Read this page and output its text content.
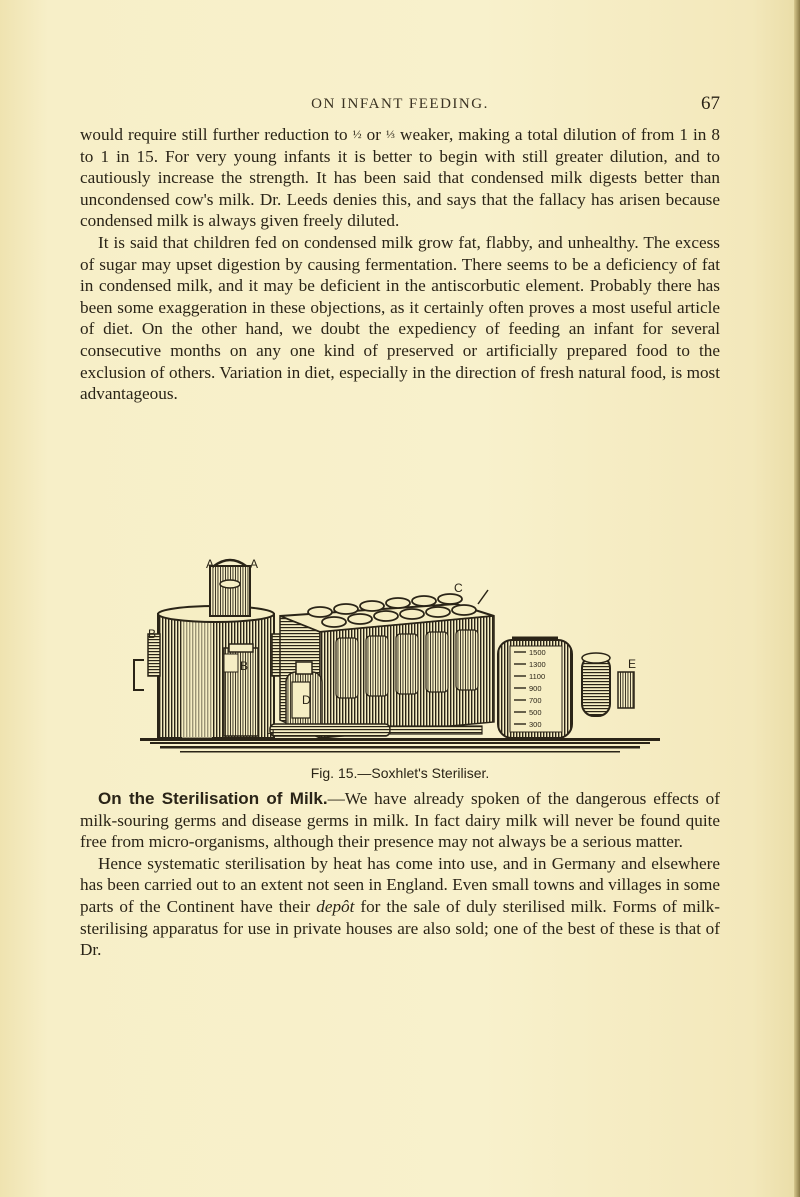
ON INFANT FEEDING.	67

would require still further reduction to ½ or ⅓ weaker, making a total dilution of from 1 in 8 to 1 in 15. For very young infants it is better to begin with still greater dilution, and to cautiously increase the strength. It has been said that condensed milk digests better than uncondensed cow's milk. Dr. Leeds denies this, and says that the fallacy has arisen because condensed milk is always given freely diluted.

It is said that children fed on condensed milk grow fat, flabby, and unhealthy. The excess of sugar may upset digestion by causing fermentation. There seems to be a deficiency of fat in condensed milk, and it may be deficient in the antiscorbutic element. Probably there has been some exaggeration in these objections, as it certainly often proves a most useful article of diet. On the other hand, we doubt the expediency of feeding an infant for several consecutive months on any one kind of preserved or artificially prepared food to the exclusion of others. Variation in diet, especially in the direction of fresh natural food, is most advantageous.

1500
1300
1100
900
700
500
300
A	A
B
B
C
D
E
H
Fig. 15.—Soxhlet's Steriliser.

On the Sterilisation of Milk.—We have already spoken of the dangerous effects of milk-souring germs and disease germs in milk. In fact dairy milk will never be found quite free from micro-organisms, although their presence may not always be a serious matter.

Hence systematic sterilisation by heat has come into use, and in Germany and elsewhere has been carried out to an extent not seen in England. Even small towns and villages in some parts of the Continent have their depôt for the sale of duly sterilised milk. Forms of milk-sterilising apparatus for use in private houses are also sold; one of the best of these is that of Dr.
